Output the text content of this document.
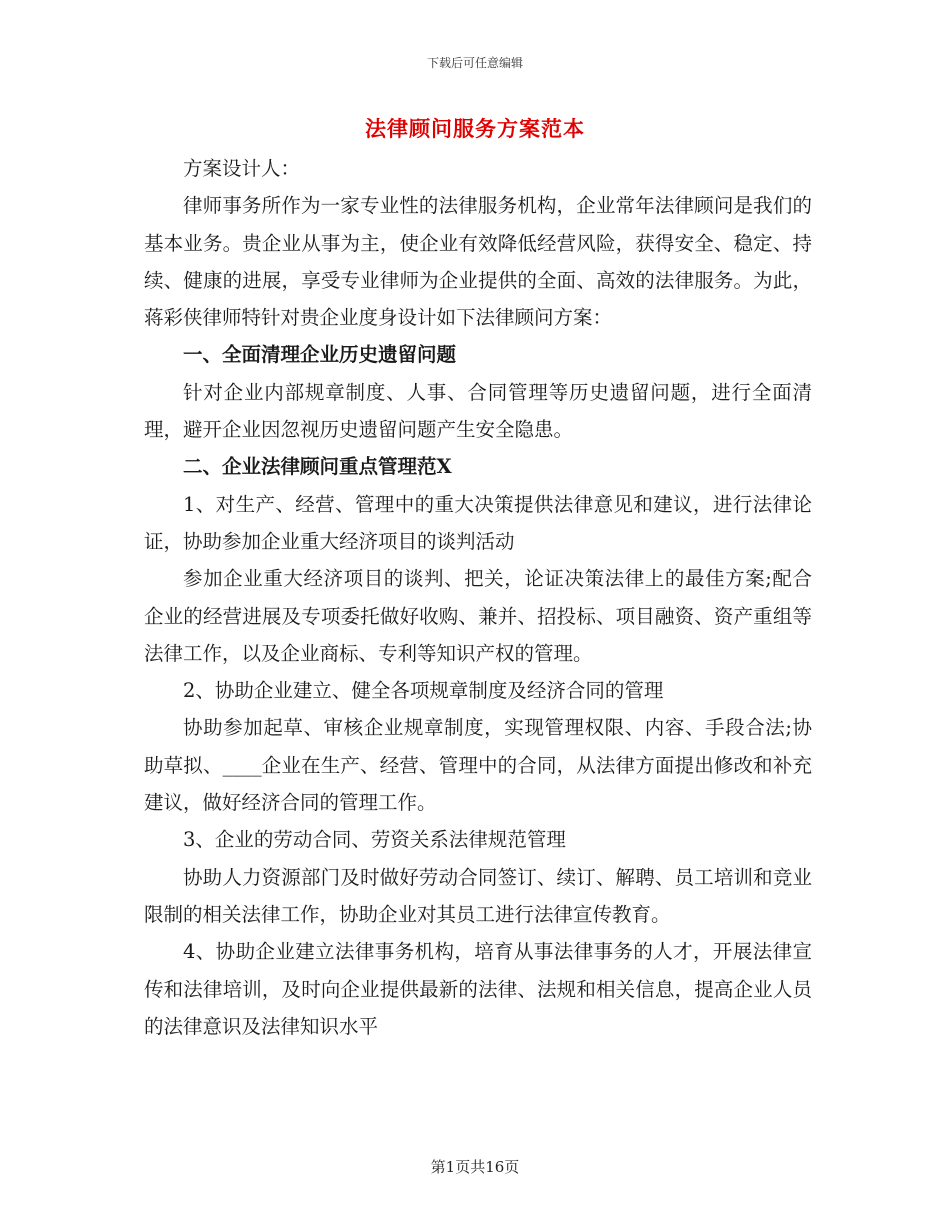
下载后可任意编辑
法律顾问服务方案范本

方案设计人：

律师事务所作为一家专业性的法律服务机构，企业常年法律顾问是我们的基本业务。贵企业从事为主，使企业有效降低经营风险，获得安全、稳定、持续、健康的进展，享受专业律师为企业提供的全面、高效的法律服务。为此，蒋彩侠律师特针对贵企业度身设计如下法律顾问方案：

一、全面清理企业历史遗留问题

针对企业内部规章制度、人事、合同管理等历史遗留问题，进行全面清理，避开企业因忽视历史遗留问题产生安全隐患。

二、企业法律顾问重点管理范X

1、对生产、经营、管理中的重大决策提供法律意见和建议，进行法律论证，协助参加企业重大经济项目的谈判活动

参加企业重大经济项目的谈判、把关，论证决策法律上的最佳方案;配合企业的经营进展及专项委托做好收购、兼并、招投标、项目融资、资产重组等法律工作，以及企业商标、专利等知识产权的管理。

2、协助企业建立、健全各项规章制度及经济合同的管理

协助参加起草、审核企业规章制度，实现管理权限、内容、手段合法;协助草拟、____企业在生产、经营、管理中的合同，从法律方面提出修改和补充建议，做好经济合同的管理工作。

3、企业的劳动合同、劳资关系法律规范管理

协助人力资源部门及时做好劳动合同签订、续订、解聘、员工培训和竞业限制的相关法律工作，协助企业对其员工进行法律宣传教育。

4、协助企业建立法律事务机构，培育从事法律事务的人才，开展法律宣传和法律培训，及时向企业提供最新的法律、法规和相关信息，提高企业人员的法律意识及法律知识水平

第1页共16页
